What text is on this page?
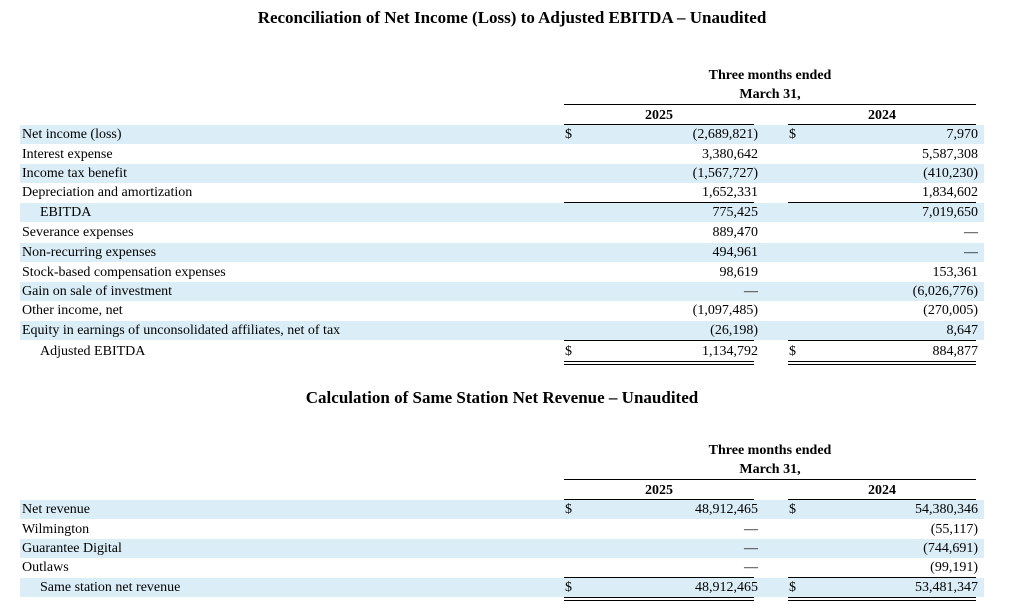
Reconciliation of Net Income (Loss) to Adjusted EBITDA – Unaudited
Three months ended
March 31,
2025	2024
Net income (loss)	$	(2,689,821) $	7,970
Interest expense	3,380,642	5,587,308
Income tax benefit	(1,567,727)	(410,230)
Depreciation and amortization	1,652,331	1,834,602
EBITDA	775,425	7,019,650
Severance expenses	889,470	—
Non-recurring expenses	494,961	—
Stock-based compensation expenses	98,619	153,361
Gain on sale of investment	—	(6,026,776)
Other income, net	(1,097,485)	(270,005)
Equity in earnings of unconsolidated affiliates, net of tax	(26,198)	8,647
Adjusted EBITDA	$	1,134,792 $	884,877
Calculation of Same Station Net Revenue – Unaudited
Three months ended
March 31,
2025	2024
Net revenue	$	48,912,465 $	54,380,346
Wilmington	—	(55,117)
Guarantee Digital	—	(744,691)
Outlaws	—	(99,191)
Same station net revenue	$	48,912,465 $	53,481,347
